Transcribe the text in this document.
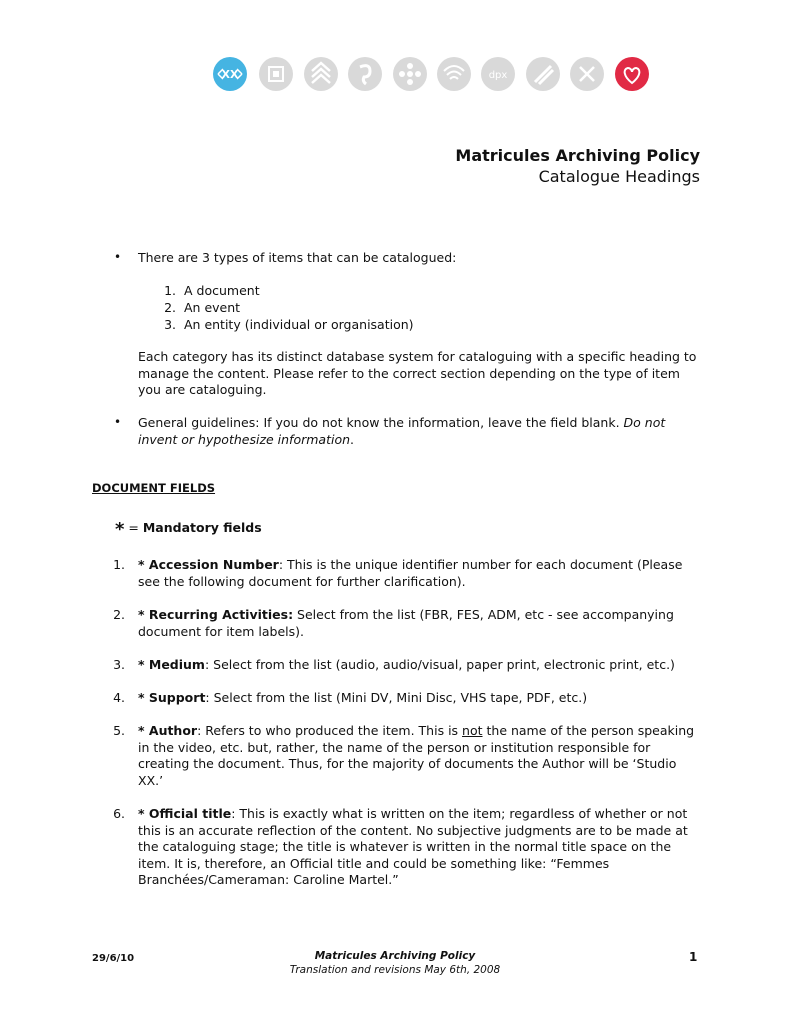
XX	dpx
Matricules Archiving Policy
Catalogue Headings
• There are 3 types of items that can be catalogued:
1. A document
2. An event
3. An entity (individual or organisation)

Each category has its distinct database system for cataloguing with a specific heading to manage the content. Please refer to the correct section depending on the type of item you are cataloguing.

• General guidelines: If you do not know the information, leave the field blank. Do not invent or hypothesize information.

DOCUMENT FIELDS
* = Mandatory fields
1. * Accession Number: This is the unique identifier number for each document (Please see the following document for further clarification).

2. * Recurring Activities: Select from the list (FBR, FES, ADM, etc - see accompanying document for item labels).

3. * Medium: Select from the list (audio, audio/visual, paper print, electronic print, etc.)

4. * Support: Select from the list (Mini DV, Mini Disc, VHS tape, PDF, etc.)

5. * Author: Refers to who produced the item. This is not the name of the person speaking in the video, etc. but, rather, the name of the person or institution responsible for creating the document. Thus, for the majority of documents the Author will be ‘Studio XX.’

6. * Official title: This is exactly what is written on the item; regardless of whether or not this is an accurate reflection of the content. No subjective judgments are to be made at the cataloguing stage; the title is whatever is written in the normal title space on the item. It is, therefore, an Official title and could be something like: “Femmes Branchées/Cameraman: Caroline Martel.”

29/6/10	Matricules Archiving Policy
Translation and revisions May 6th, 2008
1
